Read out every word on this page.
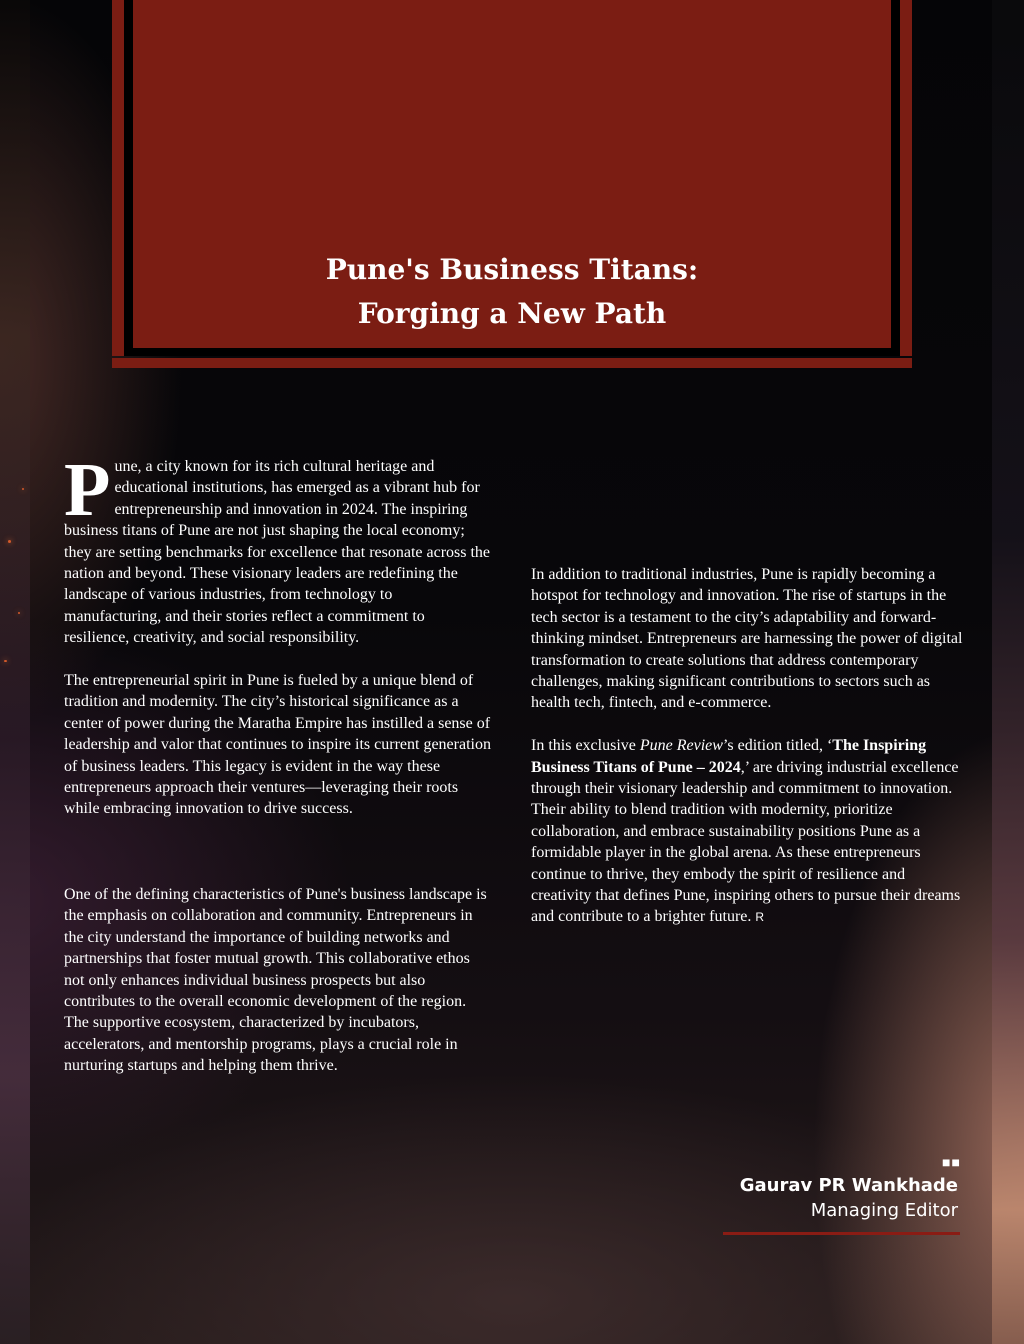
Pune's Business Titans:
Forging a New Path

Pune, a city known for its rich cultural heritage and educational institutions, has emerged as a vibrant hub for entrepreneurship and innovation in 2024. The inspiring business titans of Pune are not just shaping the local economy; they are setting benchmarks for excellence that resonate across the nation and beyond. These visionary leaders are redefining the landscape of various industries, from technology to manufacturing, and their stories reflect a commitment to resilience, creativity, and social responsibility.

The entrepreneurial spirit in Pune is fueled by a unique blend of tradition and modernity. The city’s historical significance as a center of power during the Maratha Empire has instilled a sense of leadership and valor that continues to inspire its current generation of business leaders. This legacy is evident in the way these entrepreneurs approach their ventures—leveraging their roots while embracing innovation to drive success.

One of the defining characteristics of Pune's business landscape is the emphasis on collaboration and community. Entrepreneurs in the city understand the importance of building networks and partnerships that foster mutual growth. This collaborative ethos not only enhances individual business prospects but also contributes to the overall economic development of the region. The supportive ecosystem, characterized by incubators, accelerators, and mentorship programs, plays a crucial role in nurturing startups and helping them thrive.

In addition to traditional industries, Pune is rapidly becoming a hotspot for technology and innovation. The rise of startups in the tech sector is a testament to the city’s adaptability and forward-thinking mindset. Entrepreneurs are harnessing the power of digital transformation to create solutions that address contemporary challenges, making significant contributions to sectors such as health tech, fintech, and e-commerce.

In this exclusive Pune Review’s edition titled, ‘The Inspiring Business Titans of Pune – 2024,’ are driving industrial excellence through their visionary leadership and commitment to innovation. Their ability to blend tradition with modernity, prioritize collaboration, and embrace sustainability positions Pune as a formidable player in the global arena. As these entrepreneurs continue to thrive, they embody the spirit of resilience and creativity that defines Pune, inspiring others to pursue their dreams and contribute to a brighter future. R

■■
Gaurav PR Wankhade
Managing Editor
